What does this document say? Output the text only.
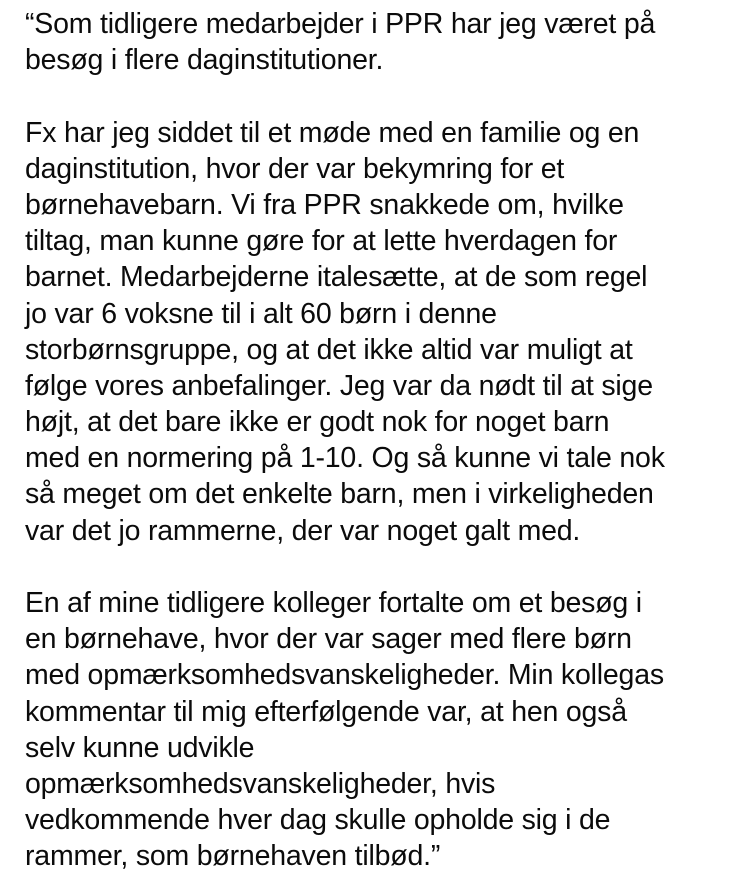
“Som tidligere medarbejder i PPR har jeg været på
besøg i flere daginstitutioner.

Fx har jeg siddet til et møde med en familie og en
daginstitution, hvor der var bekymring for et
børnehavebarn. Vi fra PPR snakkede om, hvilke
tiltag, man kunne gøre for at lette hverdagen for
barnet. Medarbejderne italesætte, at de som regel
jo var 6 voksne til i alt 60 børn i denne
storbørnsgruppe, og at det ikke altid var muligt at
følge vores anbefalinger. Jeg var da nødt til at sige
højt, at det bare ikke er godt nok for noget barn
med en normering på 1-10. Og så kunne vi tale nok
så meget om det enkelte barn, men i virkeligheden
var det jo rammerne, der var noget galt med.

En af mine tidligere kolleger fortalte om et besøg i
en børnehave, hvor der var sager med flere børn
med opmærksomhedsvanskeligheder. Min kollegas
kommentar til mig efterfølgende var, at hen også
selv kunne udvikle
opmærksomhedsvanskeligheder, hvis
vedkommende hver dag skulle opholde sig i de
rammer, som børnehaven tilbød.”
